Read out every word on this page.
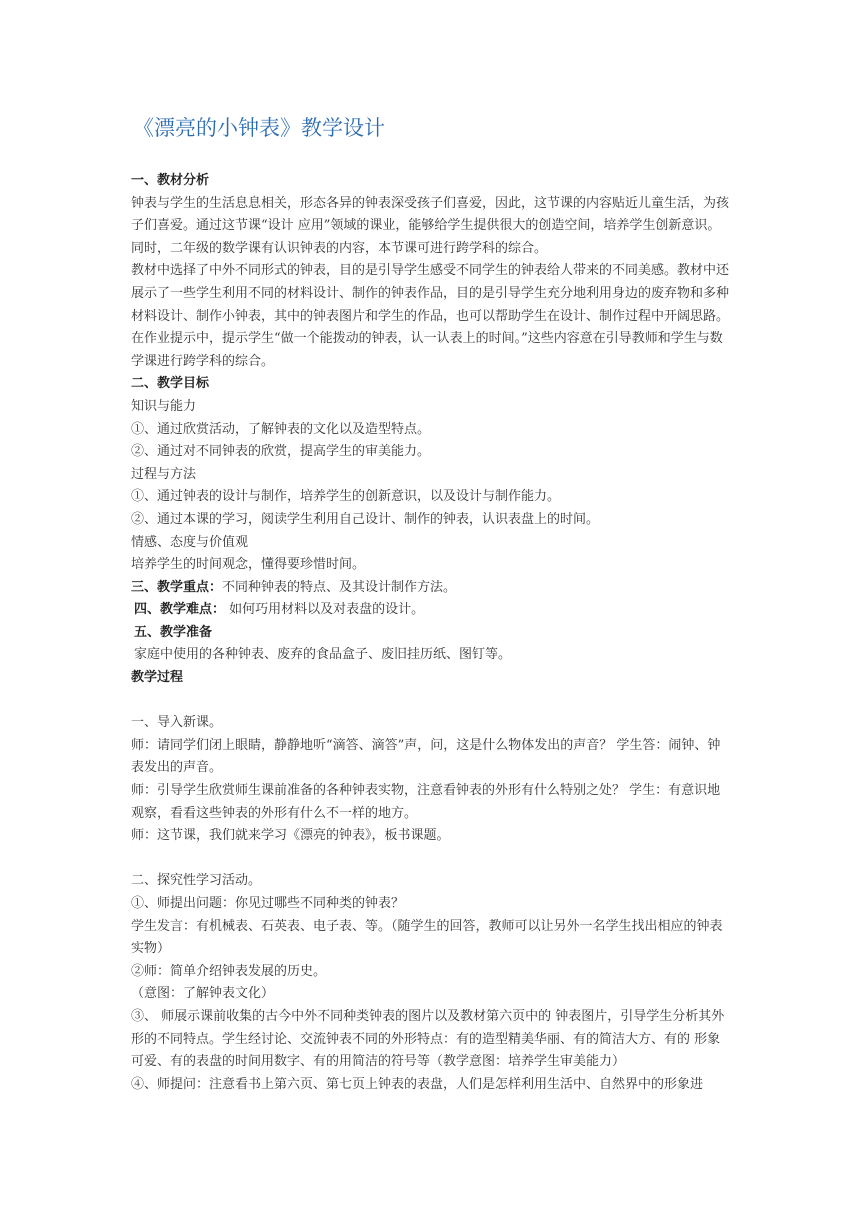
《漂亮的小钟表》教学设计

一、教材分析

钟表与学生的生活息息相关，形态各异的钟表深受孩子们喜爱，因此，这节课的内容贴近儿童生活，为孩子们喜爱。通过这节课“设计 应用”领域的课业，能够给学生提供很大的创造空间，培养学生创新意识。同时，二年级的数学课有认识钟表的内容，本节课可进行跨学科的综合。

教材中选择了中外不同形式的钟表，目的是引导学生感受不同学生的钟表给人带来的不同美感。教材中还展示了一些学生利用不同的材料设计、制作的钟表作品，目的是引导学生充分地利用身边的废弃物和多种材料设计、制作小钟表，其中的钟表图片和学生的作品，也可以帮助学生在设计、制作过程中开阔思路。

在作业提示中，提示学生“做一个能拨动的钟表，认一认表上的时间。”这些内容意在引导教师和学生与数学课进行跨学科的综合。

二、教学目标

知识与能力

①、通过欣赏活动，了解钟表的文化以及造型特点。

②、通过对不同钟表的欣赏，提高学生的审美能力。

过程与方法

①、通过钟表的设计与制作，培养学生的创新意识，以及设计与制作能力。

②、通过本课的学习，阅读学生利用自己设计、制作的钟表，认识表盘上的时间。

情感、态度与价值观

培养学生的时间观念，懂得要珍惜时间。

三、教学重点：不同种钟表的特点、及其设计制作方法。

四、教学难点： 如何巧用材料以及对表盘的设计。

五、教学准备

家庭中使用的各种钟表、废弃的食品盒子、废旧挂历纸、图钉等。

教学过程

一、导入新课。

师：请同学们闭上眼睛，静静地听“滴答、滴答”声，问，这是什么物体发出的声音？ 学生答：闹钟、钟表发出的声音。

师：引导学生欣赏师生课前准备的各种钟表实物，注意看钟表的外形有什么特别之处？ 学生：有意识地观察，看看这些钟表的外形有什么不一样的地方。

师：这节课，我们就来学习《漂亮的钟表》，板书课题。

二、探究性学习活动。

①、师提出问题：你见过哪些不同种类的钟表？

学生发言：有机械表、石英表、电子表、等。（随学生的回答，教师可以让另外一名学生找出相应的钟表实物）

②师：简单介绍钟表发展的历史。

（意图：了解钟表文化）

③、 师展示课前收集的古今中外不同种类钟表的图片以及教材第六页中的 钟表图片，引导学生分析其外形的不同特点。学生经讨论、交流钟表不同的外形特点：有的造型精美华丽、有的简洁大方、有的 形象可爱、有的表盘的时间用数字、有的用简洁的符号等（教学意图：培养学生审美能力）

④、师提问：注意看书上第六页、第七页上钟表的表盘，人们是怎样利用生活中、自然界中的形象进
